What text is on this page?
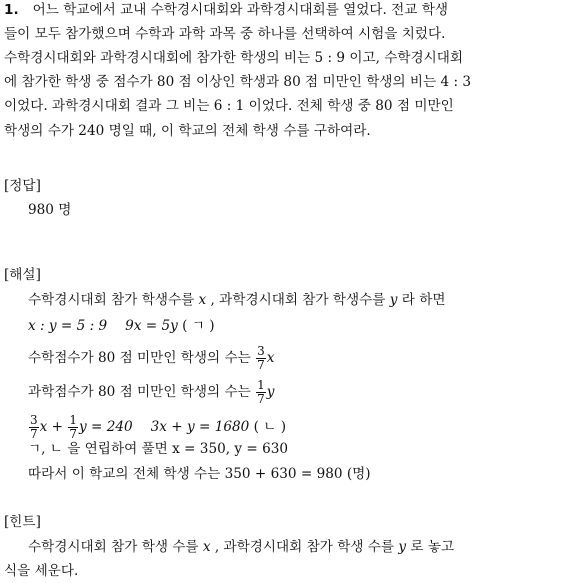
1. 어느 학교에서 교내 수학경시대회와 과학경시대회를 열었다. 전교 학생
들이 모두 참가했으며 수학과 과학 과목 중 하나를 선택하여 시험을 치렀다.
수학경시대회와 과학경시대회에 참가한 학생의 비는 5 : 9 이고, 수학경시대회
에 참가한 학생 중 점수가 80 점 이상인 학생과 80 점 미만인 학생의 비는 4 : 3
이었다. 과학경시대회 결과 그 비는 6 : 1 이었다. 전체 학생 중 80 점 미만인
학생의 수가 240 명일 때, 이 학교의 전체 학생 수를 구하여라.
[정답]
980 명
[해설]
수학경시대회 참가 학생수를 x , 과학경시대회 참가 학생수를 y 라 하면
x : y = 5 : 9 9x = 5y ( ㄱ )
수학점수가 80 점 미만인 학생의 수는 $\frac{3}{7}$ x
과학점수가 80 점 미만인 학생의 수는 $\frac{1}{7}$ y
$\frac{3}{7}$ $x + \frac{1}{7}$ y = 240 3x + y = 1680 ( ㄴ )
ㄱ, ㄴ 을 연립하여 풀면 x = 350, y = 630
따라서 이 학교의 전체 학생 수는 350 + 630 = 980 (명)
[힌트]
수학경시대회 참가 학생 수를 x , 과학경시대회 참가 학생 수를 y 로 놓고
식을 세운다.
